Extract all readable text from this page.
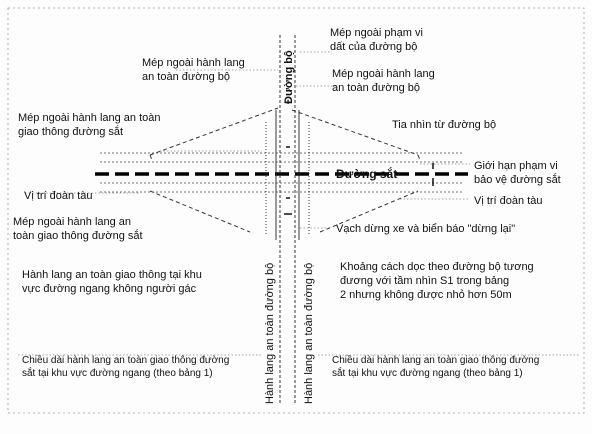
Mép ngoài phạm vi
dất của đường bộ
Mép ngoài hành lang
an toàn đường bộ	Mép ngoài hành lang
an toàn đường bộ
Mép ngoài hành lang an toàn
giao thông đường sắt
Tia nhìn từ đường bộ
Giới hạn phạm vi
bảo vệ đường sắt
Đường sắt
Vị trí đoàn tàu	Vị trí đoàn tàu
Mép ngoài hành lang an
toàn giao thông đường sắt
Vạch dừng xe và biển báo "dừng lại"
Hành lang an toàn giao thông tại khu
vực đường ngang không người gác
Khoảng cách dọc theo đường bộ tương
đương với tầm nhìn S1 trong bảng
2 nhưng không được nhỏ hơn 50m
Chiều dài hành lang an toàn giao thông đường
sắt tại khu vực đường ngang (theo bảng 1)
Chiều dài hành lang an toàn giao thông đường
sắt tại khu vực đường ngang (theo bảng 1)
Đường bộ
Hành lang an toàn đường bộ Hành lang an toàn đường bộ
